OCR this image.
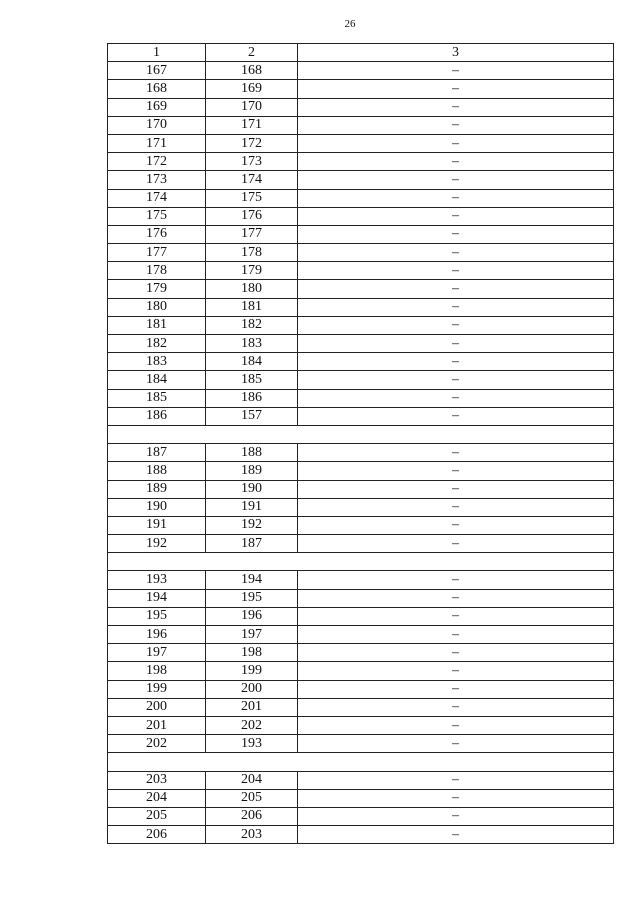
26
1	2	3
167	168	–
168	169	–
169	170	–
170	171	–
171	172	–
172	173	–
173	174	–
174	175	–
175	176	–
176	177	–
177	178	–
178	179	–
179	180	–
180	181	–
181	182	–
182	183	–
183	184	–
184	185	–
185	186	–
186	157	–

187	188	–
188	189	–
189	190	–
190	191	–
191	192	–
192	187	–

193	194	–
194	195	–
195	196	–
196	197	–
197	198	–
198	199	–
199	200	–
200	201	–
201	202	–
202	193	–

203	204	–
204	205	–
205	206	–
206	203	–
